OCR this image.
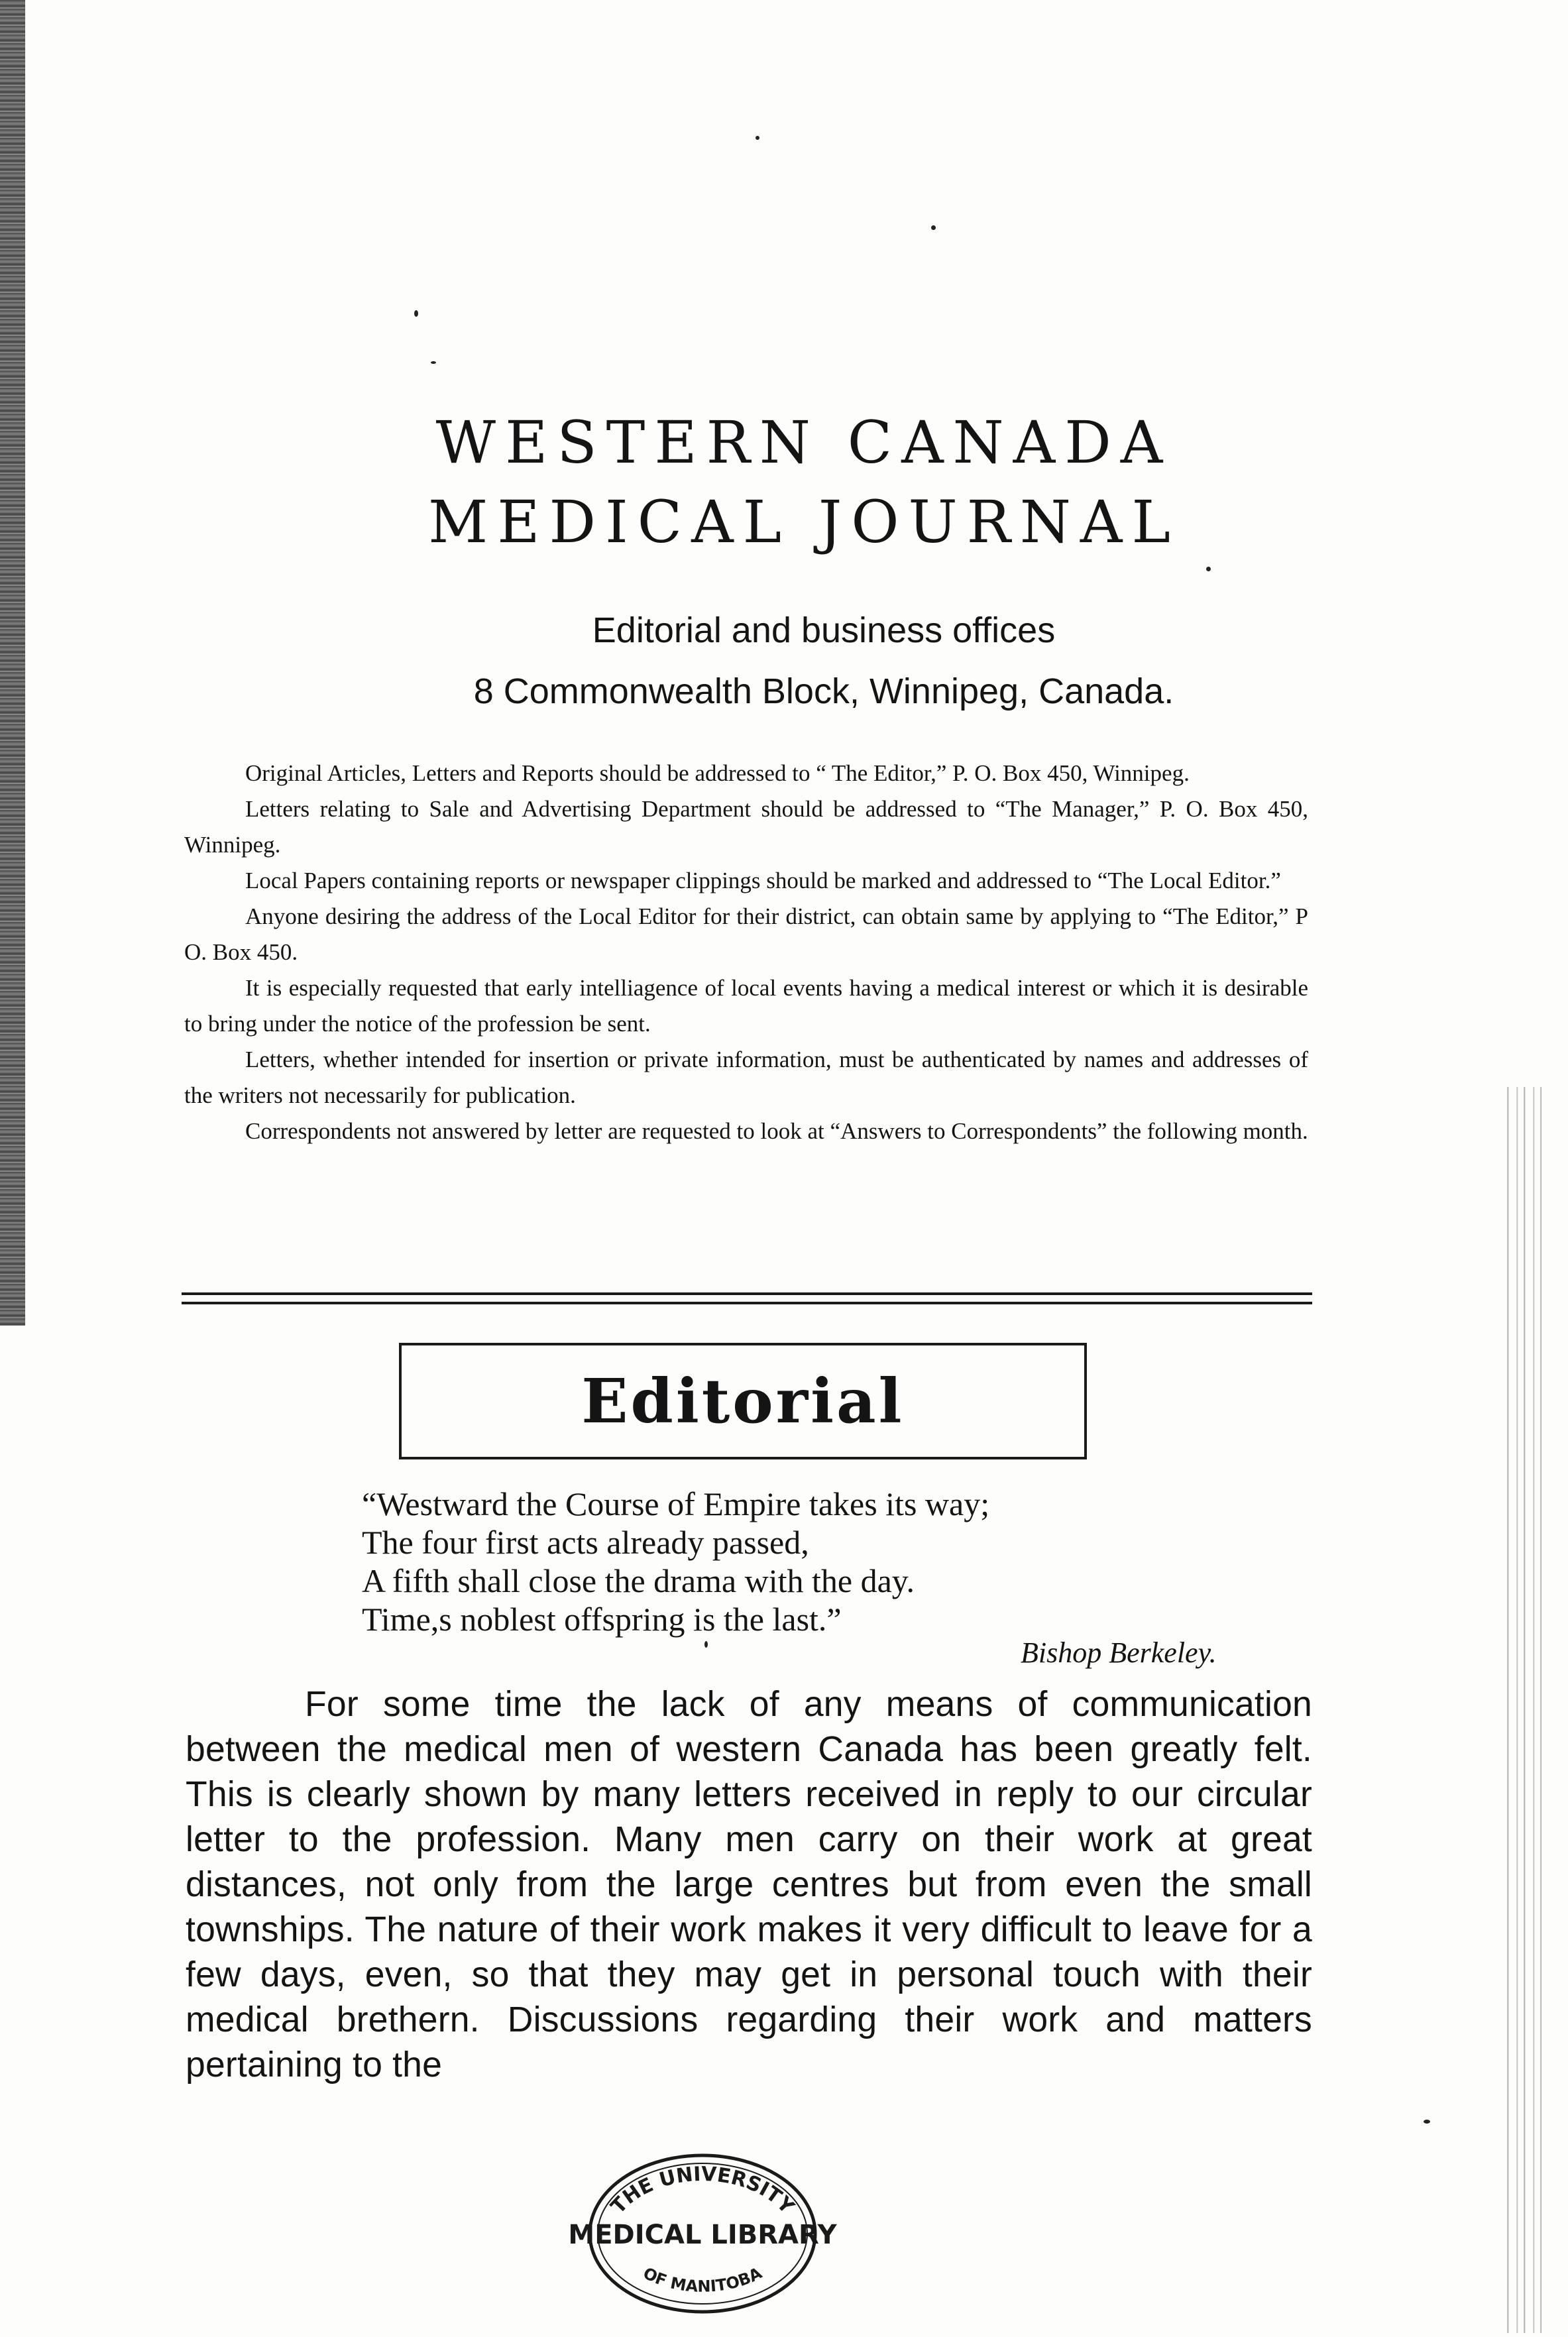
WESTERN CANADA
MEDICAL JOURNAL
Editorial and business offices
8 Commonwealth Block, Winnipeg, Canada.

Original Articles, Letters and Reports should be addressed to “ The Editor,” P. O. Box 450, Winnipeg.

Letters relating to Sale and Advertising Department should be addressed to “The Manager,” P. O. Box 450, Winnipeg.

Local Papers containing reports or newspaper clippings should be marked and addressed to “The Local Editor.”

Anyone desiring the address of the Local Editor for their district, can obtain same by applying to “The Editor,” P O. Box 450.

It is especially requested that early intelliagence of local events having a medical interest or which it is desirable to bring under the notice of the profession be sent.

Letters, whether intended for insertion or private information, must be authenticated by names and addresses of the writers not necessarily for publication.

Correspondents not answered by letter are requested to look at “Answers to Correspondents” the following month.

Editorial
“Westward the Course of Empire takes its way;
The four first acts already passed,
A fifth shall close the drama with the day.
Time,s noblest offspring is the last.”
Bishop Berkeley.

For some time the lack of any means of communication between the medical men of western Canada has been greatly felt. This is clearly shown by many letters received in reply to our circular letter to the profession. Many men carry on their work at great distances, not only from the large centres but from even the small townships. The nature of their work makes it very difficult to leave for a few days, even, so that they may get in personal touch with their medical brethern. Discussions regarding their work and matters pertaining to the

THE UNIVERSITY
MEDICAL LIBRARY
OF MANITOBA
